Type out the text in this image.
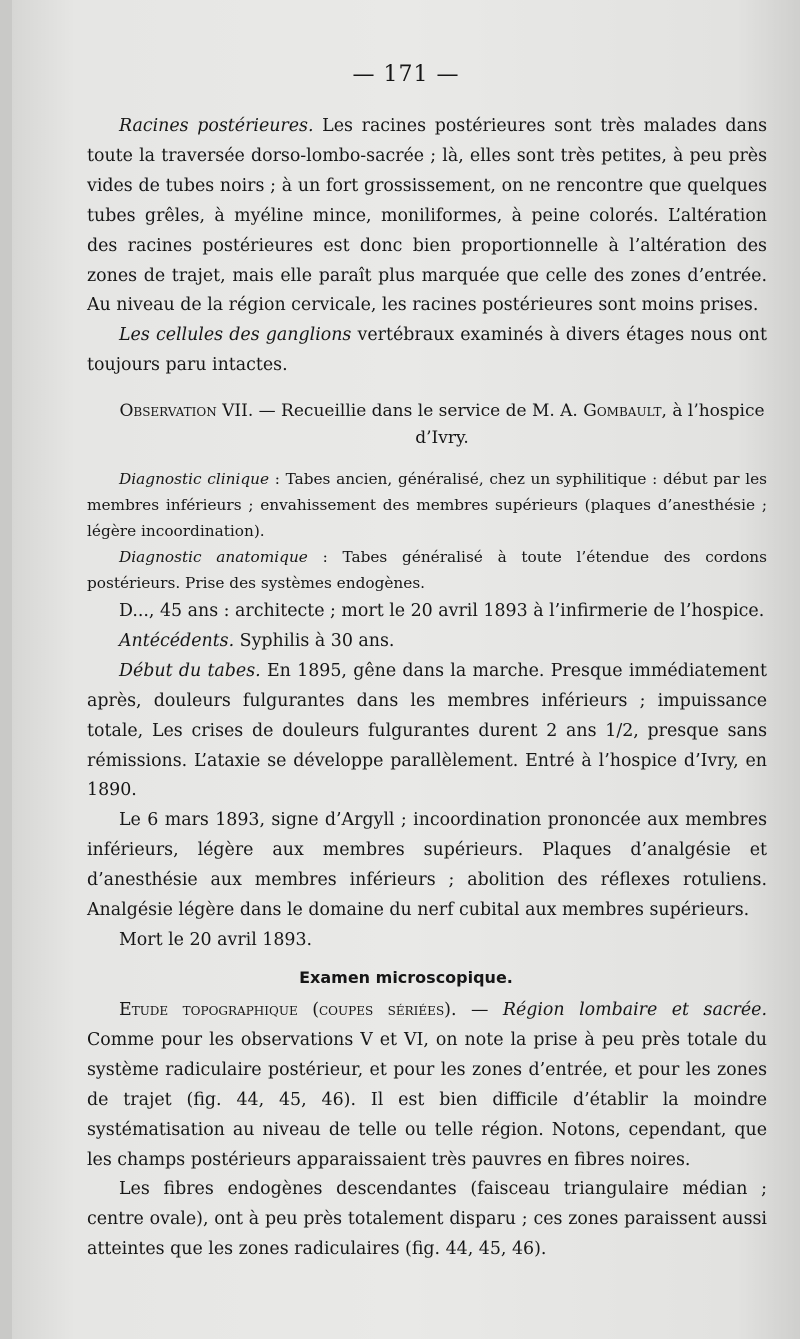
— 171 —

Racines postérieures. Les racines postérieures sont très malades dans toute la traversée dorso-lombo-sacrée ; là, elles sont très petites, à peu près vides de tubes noirs ; à un fort grossissement, on ne rencontre que quelques tubes grêles, à myéline mince, moniliformes, à peine colorés. L’altération des racines postérieures est donc bien proportionnelle à l’altération des zones de trajet, mais elle paraît plus marquée que celle des zones d’entrée. Au niveau de la région cervicale, les racines postérieures sont moins prises.

Les cellules des ganglions vertébraux examinés à divers étages nous ont toujours paru intactes.

Observation VII. — Recueillie dans le service de M. A. Gombault, à l’hospice d’Ivry.

Diagnostic clinique : Tabes ancien, généralisé, chez un syphilitique : début par les membres inférieurs ; envahissement des membres supérieurs (plaques d’anesthésie ; légère incoordination).

Diagnostic anatomique : Tabes généralisé à toute l’étendue des cordons postérieurs. Prise des systèmes endogènes.

D..., 45 ans : architecte ; mort le 20 avril 1893 à l’infirmerie de l’hospice.

Antécédents. Syphilis à 30 ans.

Début du tabes. En 1895, gêne dans la marche. Presque immédiatement après, douleurs fulgurantes dans les membres inférieurs ; impuissance totale, Les crises de douleurs fulgurantes durent 2 ans 1/2, presque sans rémissions. L’ataxie se développe parallèlement. Entré à l’hospice d’Ivry, en 1890.

Le 6 mars 1893, signe d’Argyll ; incoordination prononcée aux membres inférieurs, légère aux membres supérieurs. Plaques d’analgésie et d’anesthésie aux membres inférieurs ; abolition des réflexes rotuliens. Analgésie légère dans le domaine du nerf cubital aux membres supérieurs.

Mort le 20 avril 1893.

Examen microscopique.

Etude topographique (coupes sériées). — Région lombaire et sacrée. Comme pour les observations V et VI, on note la prise à peu près totale du système radiculaire postérieur, et pour les zones d’entrée, et pour les zones de trajet (fig. 44, 45, 46). Il est bien difficile d’établir la moindre systématisation au niveau de telle ou telle région. Notons, cependant, que les champs postérieurs apparaissaient très pauvres en fibres noires.

Les fibres endogènes descendantes (faisceau triangulaire médian ; centre ovale), ont à peu près totalement disparu ; ces zones paraissent aussi atteintes que les zones radiculaires (fig. 44, 45, 46).
